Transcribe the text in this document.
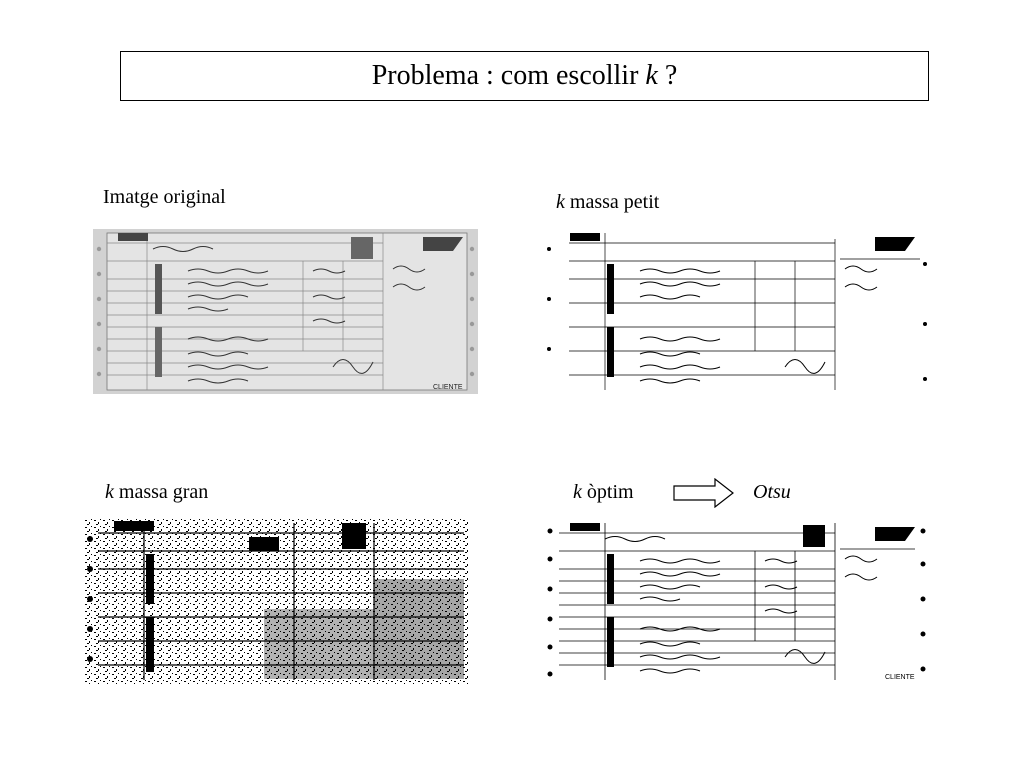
Problema : com escollir
k
?
Imatge original	k massa petit
k massa gran	k òptim	Otsu
CLIENTE
CLIENTE
